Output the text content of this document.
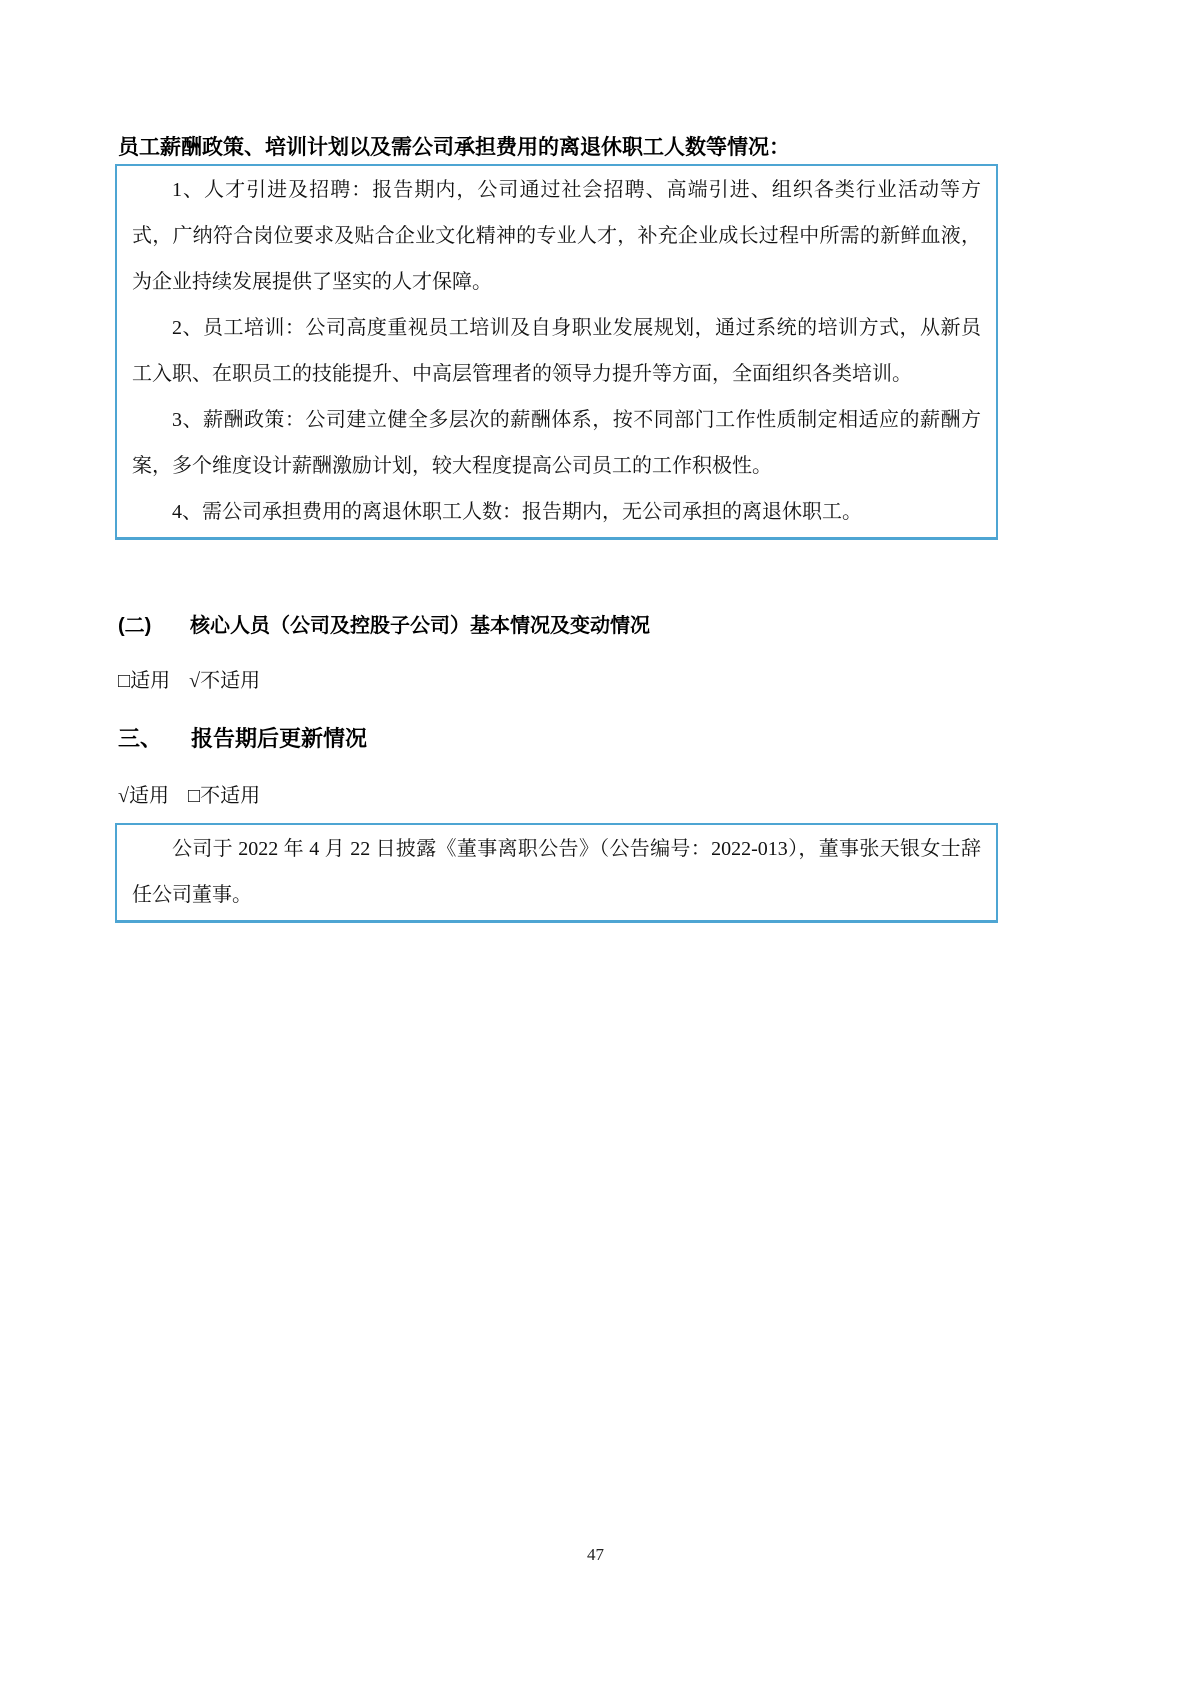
员工薪酬政策、培训计划以及需公司承担费用的离退休职工人数等情况：

1、人才引进及招聘：报告期内，公司通过社会招聘、高端引进、组织各类行业活动等方式，广纳符合岗位要求及贴合企业文化精神的专业人才，补充企业成长过程中所需的新鲜血液，为企业持续发展提供了坚实的人才保障。

2、员工培训：公司高度重视员工培训及自身职业发展规划，通过系统的培训方式，从新员工入职、在职员工的技能提升、中高层管理者的领导力提升等方面，全面组织各类培训。

3、薪酬政策：公司建立健全多层次的薪酬体系，按不同部门工作性质制定相适应的薪酬方案，多个维度设计薪酬激励计划，较大程度提高公司员工的工作积极性。

4、需公司承担费用的离退休职工人数：报告期内，无公司承担的离退休职工。

(二)	核心人员（公司及控股子公司）基本情况及变动情况

□适用 √不适用

三、	报告期后更新情况

√适用 □不适用

公司于 2022 年 4 月 22 日披露《董事离职公告》（公告编号：2022-013），董事张天银女士辞任公司董事。

47
